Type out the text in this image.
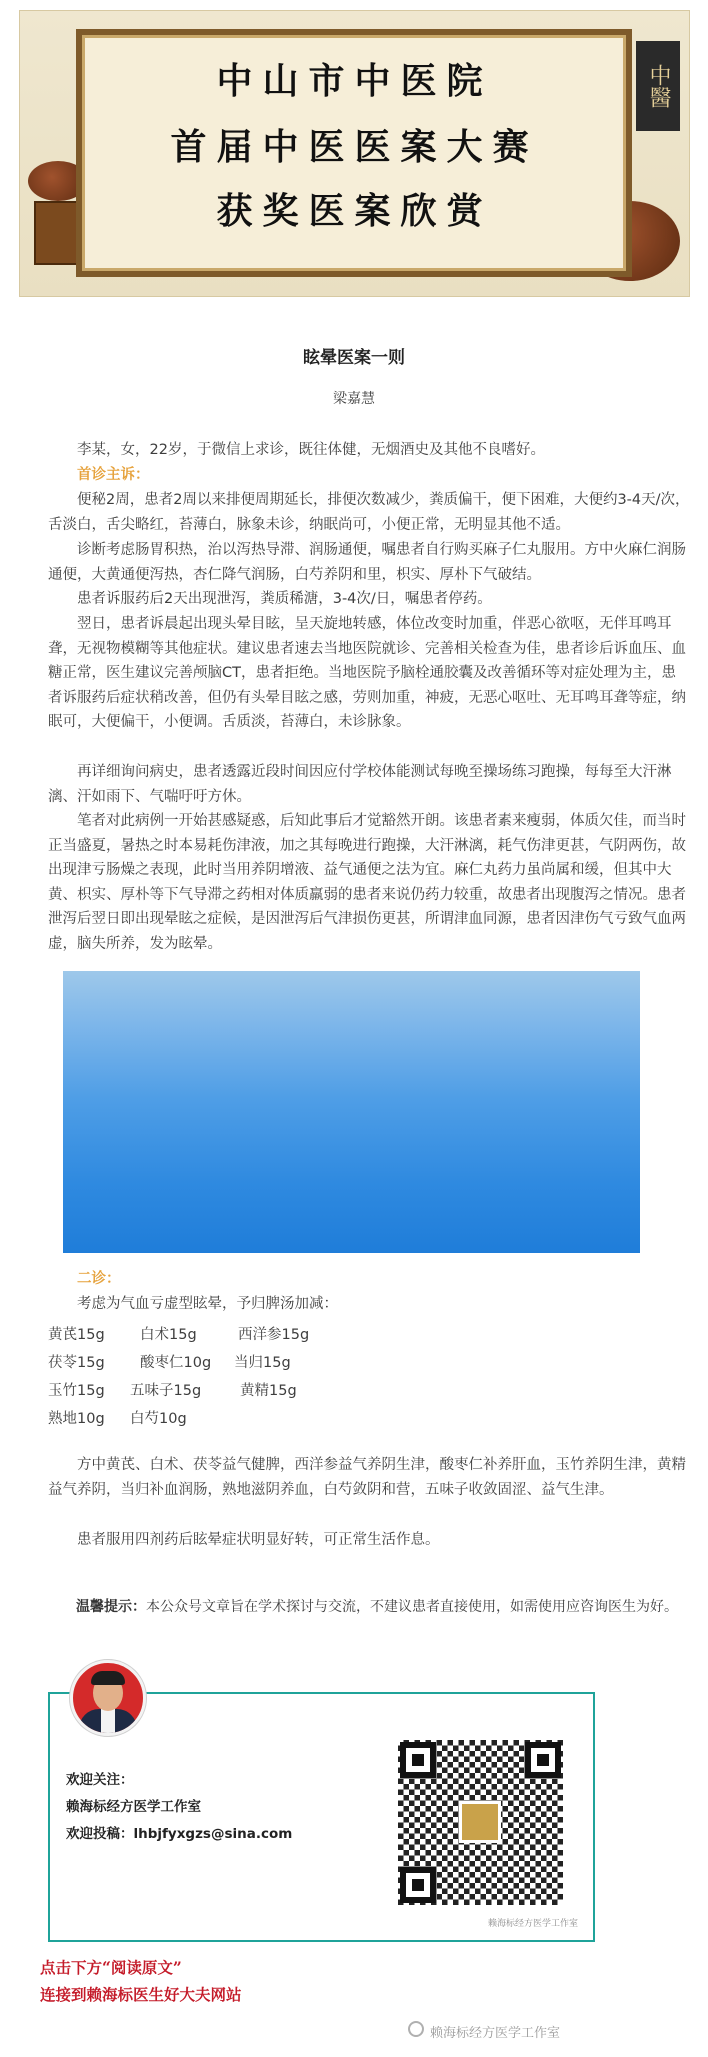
中山市中医院
首届中医医案大赛
获奖医案欣赏
中醫
眩晕医案一则
梁嘉慧

李某，女，22岁，于微信上求诊，既往体健，无烟酒史及其他不良嗜好。

首诊主诉：

便秘2周，患者2周以来排便周期延长，排便次数减少，粪质偏干，便下困难，大便约3-4天/次，舌淡白，舌尖略红，苔薄白，脉象未诊，纳眠尚可，小便正常，无明显其他不适。

诊断考虑肠胃积热，治以泻热导滞、润肠通便，嘱患者自行购买麻子仁丸服用。方中火麻仁润肠通便，大黄通便泻热，杏仁降气润肠，白芍养阴和里，枳实、厚朴下气破结。

患者诉服药后2天出现泄泻，粪质稀溏，3-4次/日，嘱患者停药。

翌日，患者诉晨起出现头晕目眩，呈天旋地转感，体位改变时加重，伴恶心欲呕，无伴耳鸣耳聋，无视物模糊等其他症状。建议患者速去当地医院就诊、完善相关检查为佳，患者诊后诉血压、血糖正常，医生建议完善颅脑CT，患者拒绝。当地医院予脑栓通胶囊及改善循环等对症处理为主，患者诉服药后症状稍改善，但仍有头晕目眩之感，劳则加重，神疲，无恶心呕吐、无耳鸣耳聋等症，纳眠可，大便偏干，小便调。舌质淡，苔薄白，未诊脉象。

再详细询问病史，患者透露近段时间因应付学校体能测试每晚至操场练习跑操，每每至大汗淋漓、汗如雨下、气喘吁吁方休。

笔者对此病例一开始甚感疑惑，后知此事后才觉豁然开朗。该患者素来瘦弱，体质欠佳，而当时正当盛夏，暑热之时本易耗伤津液，加之其每晚进行跑操，大汗淋漓，耗气伤津更甚，气阴两伤，故出现津亏肠燥之表现，此时当用养阴增液、益气通便之法为宜。麻仁丸药力虽尚属和缓，但其中大黄、枳实、厚朴等下气导滞之药相对体质羸弱的患者来说仍药力较重，故患者出现腹泻之情况。患者泄泻后翌日即出现晕眩之症候，是因泄泻后气津损伤更甚，所谓津血同源，患者因津伤气亏致气血两虚，脑失所养，发为眩晕。

二诊：

考虑为气血亏虚型眩晕，予归脾汤加减：

黄芪15g 白术15g	西洋参15g
茯苓15g 酸枣仁10g 当归15g
玉竹15g 五味子15g	黄精15g
熟地10g 白芍10g

方中黄芪、白术、茯苓益气健脾，西洋参益气养阴生津，酸枣仁补养肝血，玉竹养阴生津，黄精益气养阴，当归补血润肠，熟地滋阴养血，白芍敛阴和营，五味子收敛固涩、益气生津。

患者服用四剂药后眩晕症状明显好转，可正常生活作息。

温馨提示：本公众号文章旨在学术探讨与交流，不建议患者直接使用，如需使用应咨询医生为好。
欢迎关注：
赖海标经方医学工作室
欢迎投稿：lhbjfyxgzs@sina.com
赖海标经方医学工作室
点击下方“阅读原文”
连接到赖海标医生好大夫网站
赖海标经方医学工作室
